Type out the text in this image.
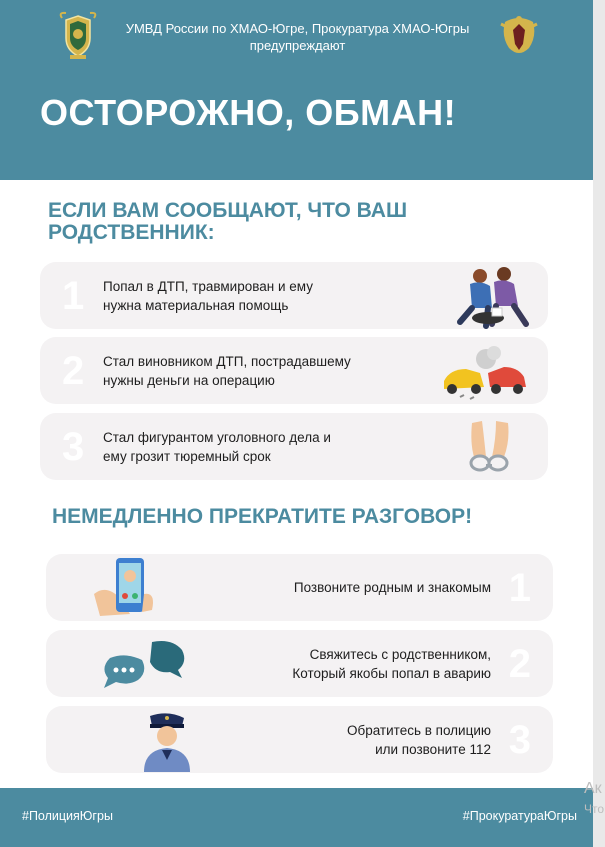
УМВД России по ХМАО-Югре, Прокуратура ХМАО-Югры
предупреждают
ОСТОРОЖНО, ОБМАН!
ЕСЛИ ВАМ СООБЩАЮТ, ЧТО ВАШ
РОДСТВЕННИК:
1 Попал в ДТП, травмирован и ему
нужна материальная помощь
2 Стал виновником ДТП, пострадавшему
нужны деньги на операцию
3 Стал фигурантом уголовного дела и
ему грозит тюремный срок
НЕМЕДЛЕННО ПРЕКРАТИТЕ РАЗГОВОР!
Позвоните родным и знакомым 1
Свяжитесь с родственником,
Который якобы попал в аварию 2
Обратитесь в полицию
или позвоните 112 3
#ПолицияЮгры	#ПрокуратураЮгры
Ак
Что
